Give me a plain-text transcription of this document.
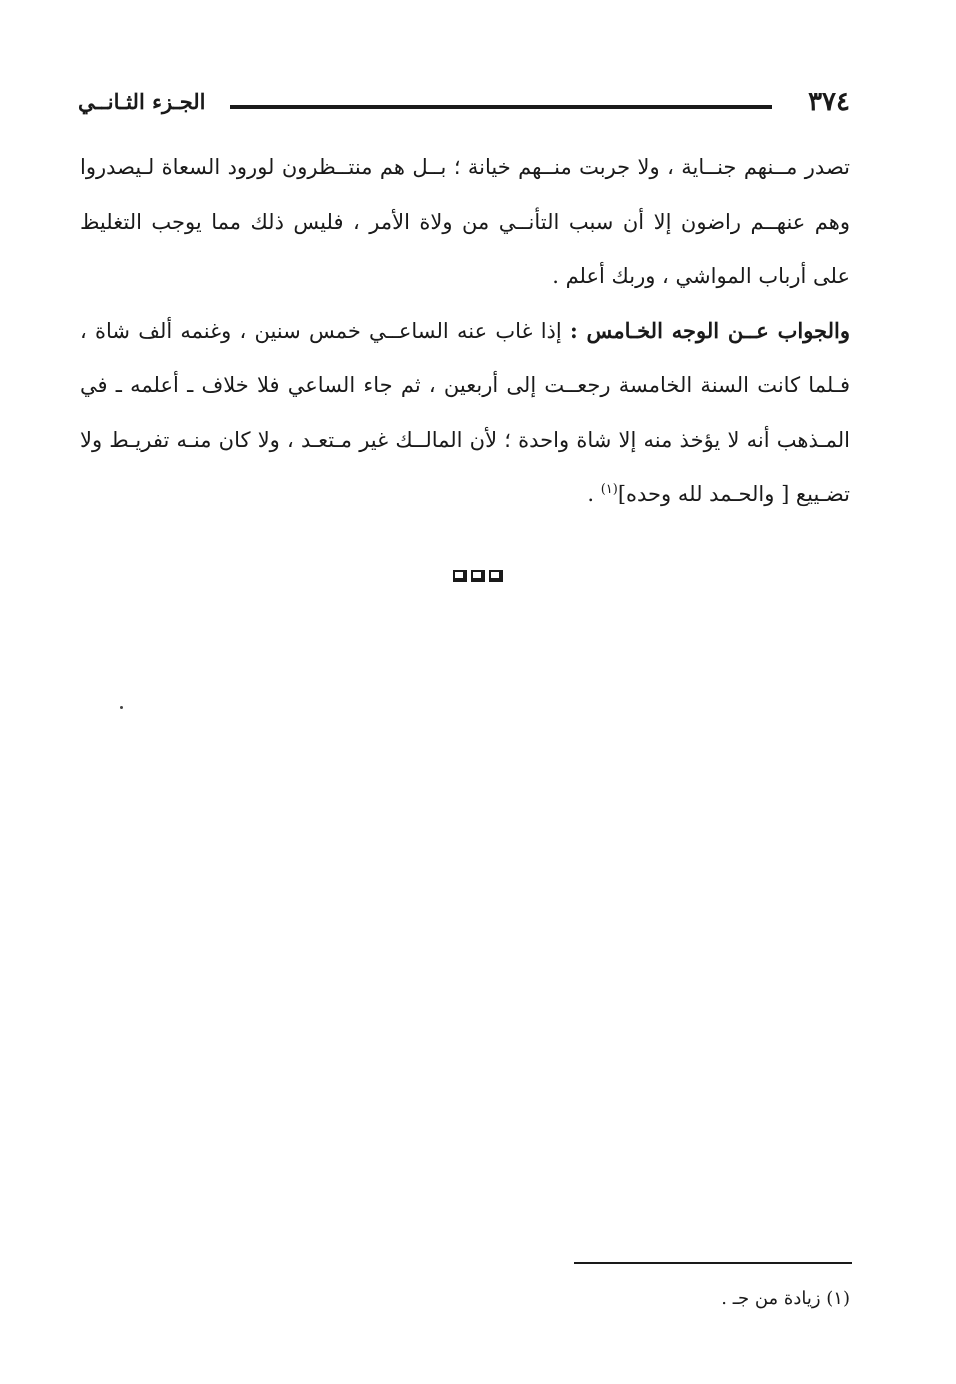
٣٧٤
الجـزء الثـانــي

تصدر مــنهم جنــاية ، ولا جربت منــهم خيانة ؛ بــل هم منتــظرون لورود السعاة لـيصدروا وهم عنهــم راضون إلا أن سبب التأنــي من ولاة الأمر ، فليس ذلك مما يوجب التغليظ على أرباب المواشي ، وربك أعلم .

والجواب عــن الوجه الخـامس : إذا غاب عنه الساعــي خمس سنين ، وغنمه ألف شاة ، فـلما كانت السنة الخامسة رجعــت إلى أربعين ، ثم جاء الساعي فلا خلاف ـ أعلمه ـ في المـذهب أنه لا يؤخذ منه إلا شاة واحدة ؛ لأن المالــك غير مـتعـد ، ولا كان منـه تفريـط ولا تضـييع [ والحـمد لله وحده]$^{(١)}$ .

(١) زيادة من جـ .
